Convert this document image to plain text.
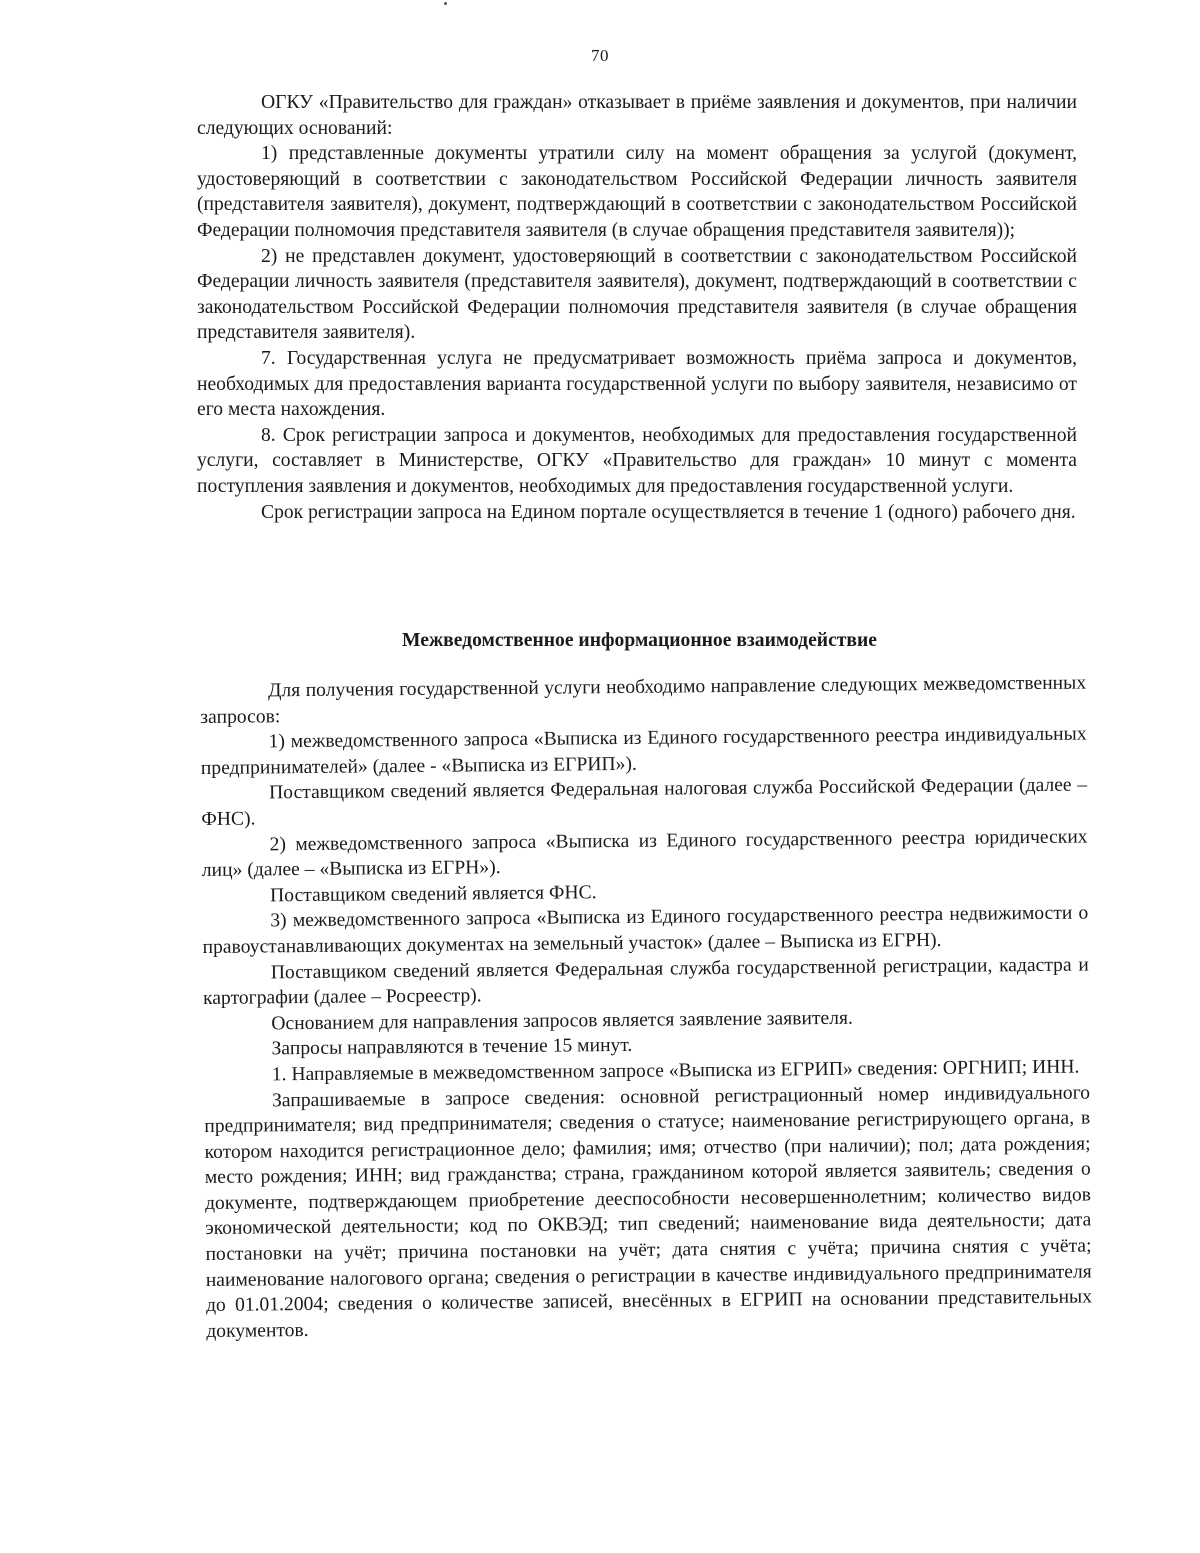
70

ОГКУ «Правительство для граждан» отказывает в приёме заявления и документов, при наличии следующих оснований:

1) представленные документы утратили силу на момент обращения за услугой (документ, удостоверяющий в соответствии с законодательством Российской Федерации личность заявителя (представителя заявителя), документ, подтверждающий в соответствии с законодательством Российской Федерации полномочия представителя заявителя (в случае обращения представителя заявителя));

2) не представлен документ, удостоверяющий в соответствии с законодательством Российской Федерации личность заявителя (представителя заявителя), документ, подтверждающий в соответствии с законодательством Российской Федерации полномочия представителя заявителя (в случае обращения представителя заявителя).

7. Государственная услуга не предусматривает возможность приёма запроса и документов, необходимых для предоставления варианта государственной услуги по выбору заявителя, независимо от его места нахождения.

8. Срок регистрации запроса и документов, необходимых для предоставления государственной услуги, составляет в Министерстве, ОГКУ «Правительство для граждан» 10 минут с момента поступления заявления и документов, необходимых для предоставления государственной услуги.

Срок регистрации запроса на Едином портале осуществляется в течение 1 (одного) рабочего дня.

Межведомственное информационное взаимодействие

Для получения государственной услуги необходимо направление следующих межведомственных запросов:

1) межведомственного запроса «Выписка из Единого государственного реестра индивидуальных предпринимателей» (далее - «Выписка из ЕГРИП»).

Поставщиком сведений является Федеральная налоговая служба Российской Федерации (далее – ФНС).

2) межведомственного запроса «Выписка из Единого государственного реестра юридических лиц» (далее – «Выписка из ЕГРН»).

Поставщиком сведений является ФНС.

3) межведомственного запроса «Выписка из Единого государственного реестра недвижимости о правоустанавливающих документах на земельный участок» (далее – Выписка из ЕГРН).

Поставщиком сведений является Федеральная служба государственной регистрации, кадастра и картографии (далее – Росреестр).

Основанием для направления запросов является заявление заявителя.

Запросы направляются в течение 15 минут.

1. Направляемые в межведомственном запросе «Выписка из ЕГРИП» сведения: ОРГНИП; ИНН.

Запрашиваемые в запросе сведения: основной регистрационный номер индивидуального предпринимателя; вид предпринимателя; сведения о статусе; наименование регистрирующего органа, в котором находится регистрационное дело; фамилия; имя; отчество (при наличии); пол; дата рождения; место рождения; ИНН; вид гражданства; страна, гражданином которой является заявитель; сведения о документе, подтверждающем приобретение дееспособности несовершеннолетним; количество видов экономической деятельности; код по ОКВЭД; тип сведений; наименование вида деятельности; дата постановки на учёт; причина постановки на учёт; дата снятия с учёта; причина снятия с учёта; наименование налогового органа; сведения о регистрации в качестве индивидуального предпринимателя до 01.01.2004; сведения о количестве записей, внесённых в ЕГРИП на основании представительных документов.
